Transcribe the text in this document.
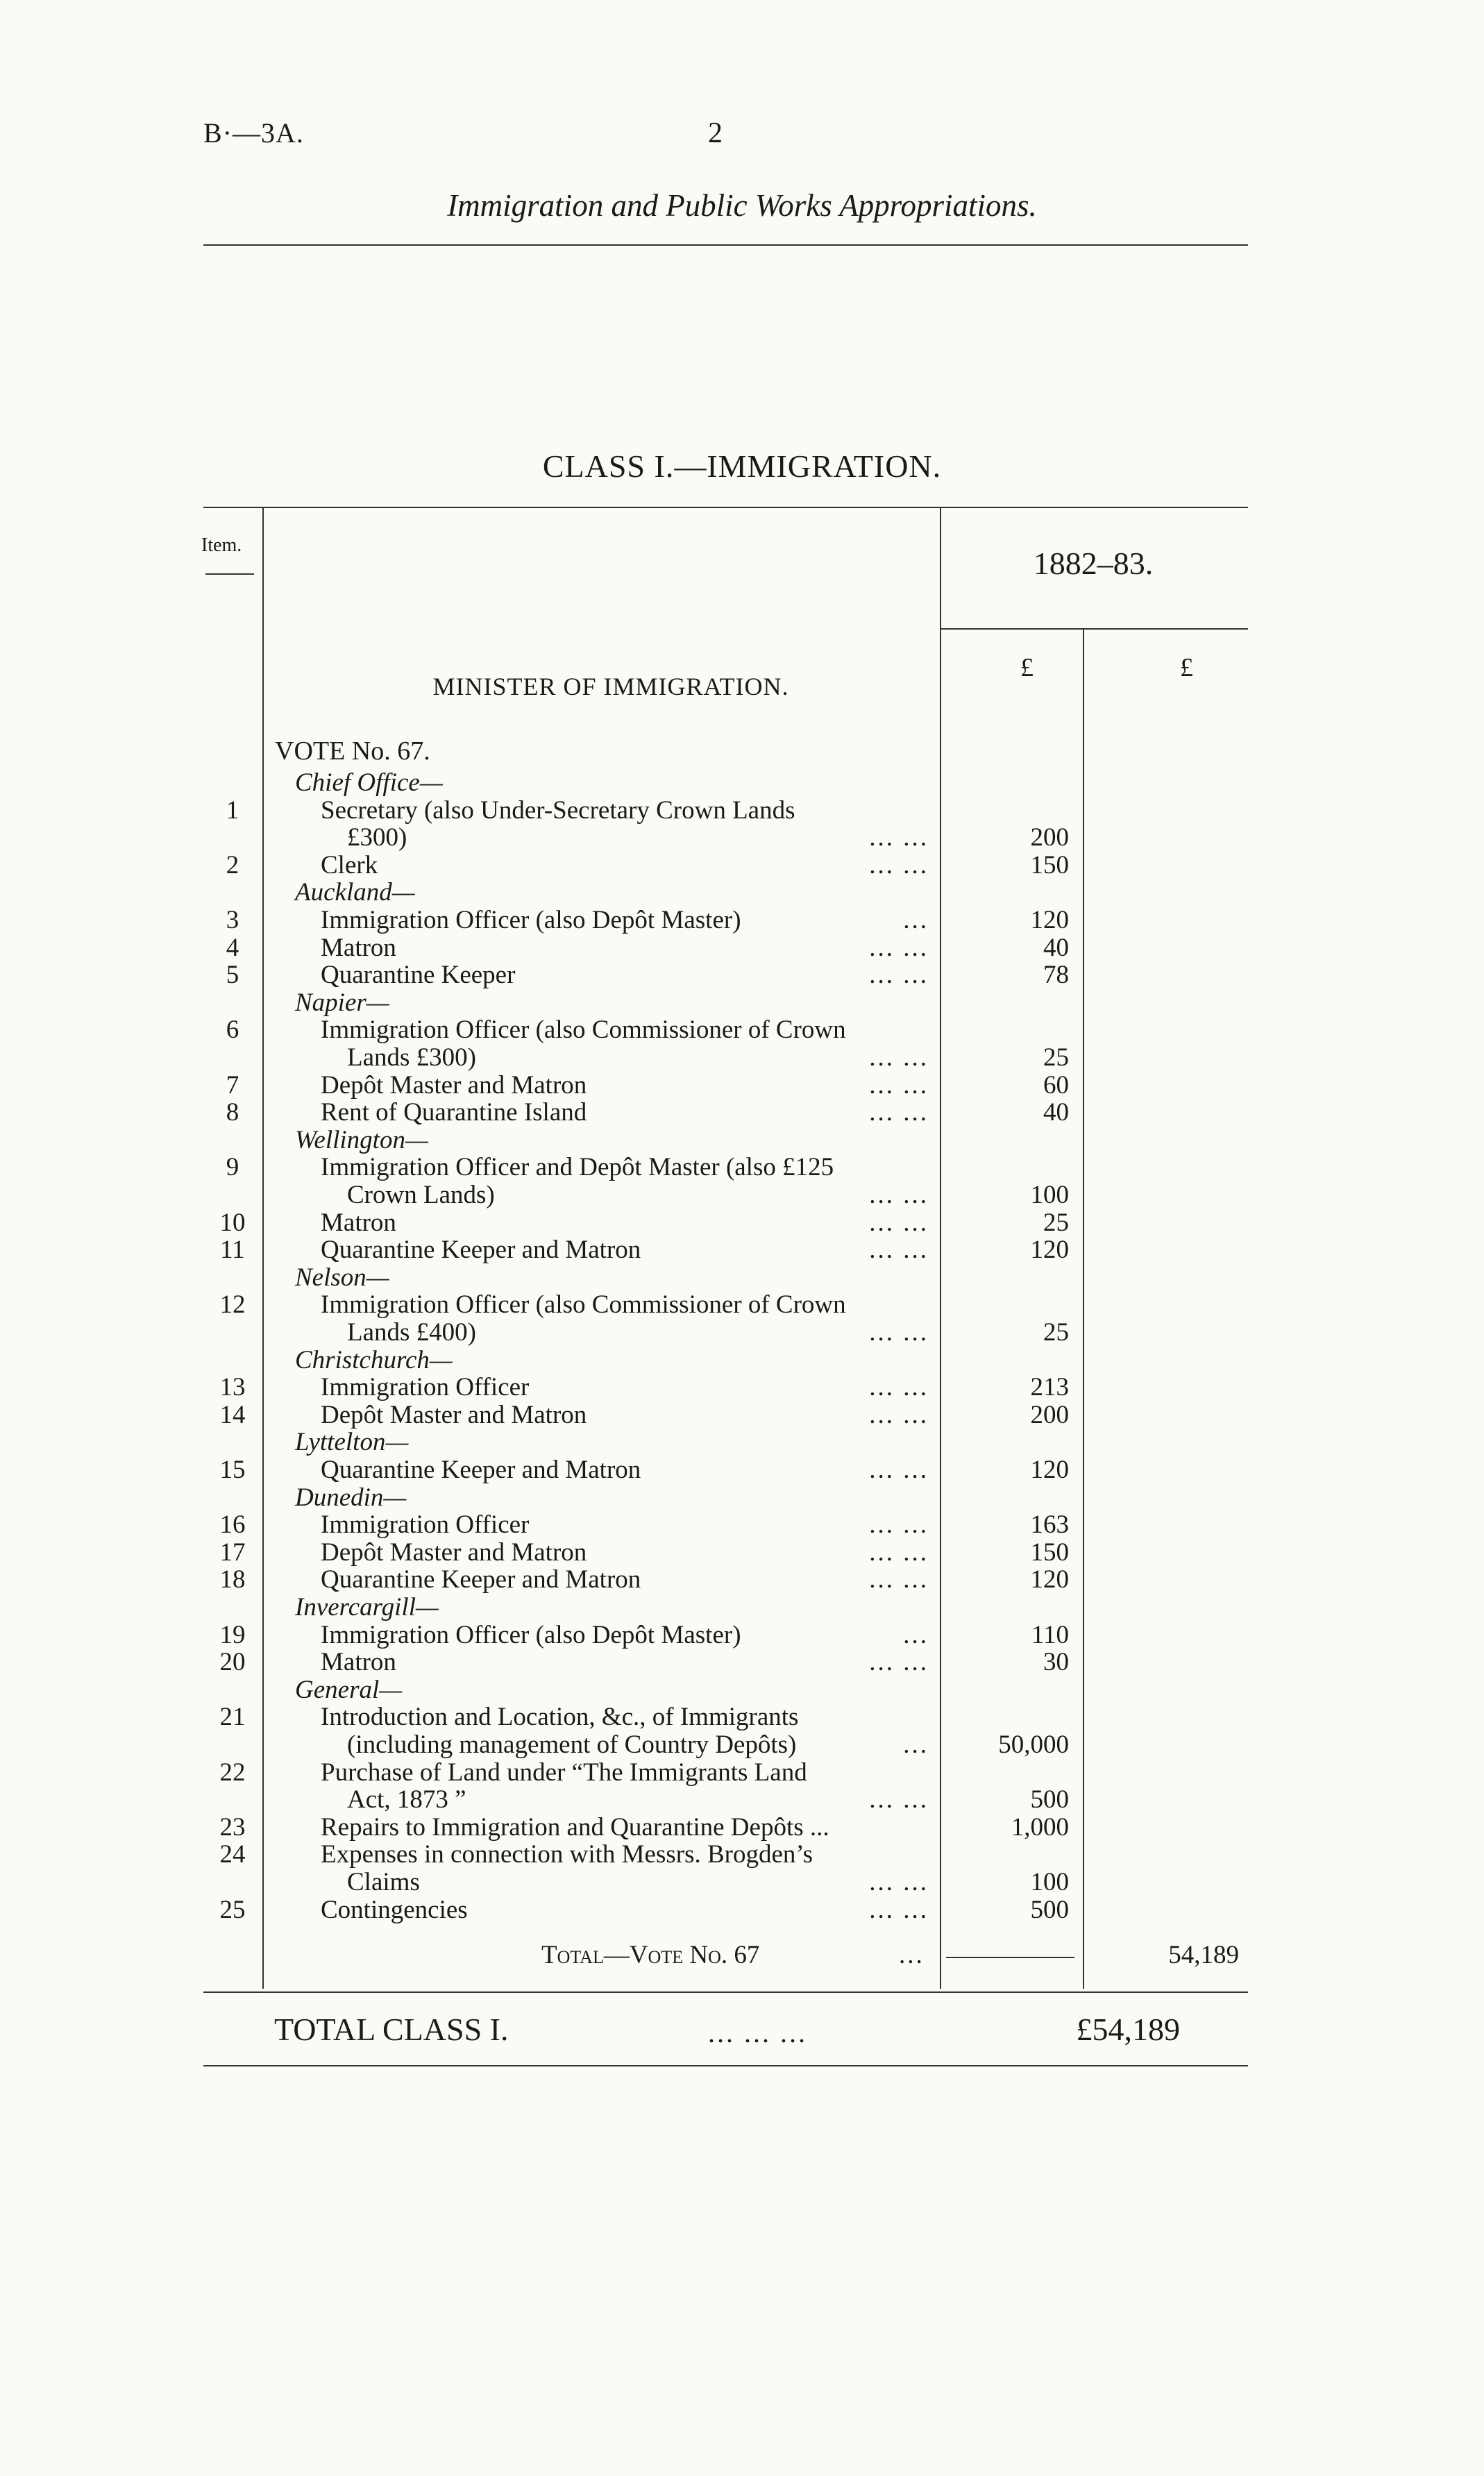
B·—3A.	2
Immigration and Public Works Appropriations.
CLASS I.—IMMIGRATION.
Item.
1882–83.
£	£
MINISTER OF IMMIGRATION.
VOTE No. 67.
Chief Office—
1	Secretary (also Under-Secretary Crown Lands
£300)	... ...	200
2	Clerk	... ...	150
Auckland—
3	Immigration Officer (also Depôt Master)	...	120
4	Matron	... ...	40
5	Quarantine Keeper	... ...	78
Napier—
6	Immigration Officer (also Commissioner of Crown
Lands £300)	... ...	25
7	Depôt Master and Matron	... ...	60
8	Rent of Quarantine Island	... ...	40
Wellington—
9	Immigration Officer and Depôt Master (also £125
Crown Lands)	... ...	100
10	Matron	... ...	25
11	Quarantine Keeper and Matron	... ...	120
Nelson—
12	Immigration Officer (also Commissioner of Crown
Lands £400)	... ...	25
Christchurch—
13	Immigration Officer	... ...	213
14	Depôt Master and Matron	... ...	200
Lyttelton—
15	Quarantine Keeper and Matron	... ...	120
Dunedin—
16	Immigration Officer	... ...	163
17	Depôt Master and Matron	... ...	150
18	Quarantine Keeper and Matron	... ...	120
Invercargill—
19	Immigration Officer (also Depôt Master)	...	110
20	Matron	... ...	30
General—
21	Introduction and Location, &c., of Immigrants
(including management of Country Depôts)	...	50,000
22	Purchase of Land under “The Immigrants Land
Act, 1873 ”	... ...	500
23	Repairs to Immigration and Quarantine Depôts ...	1,000
24	Expenses in connection with Messrs. Brogden’s
Claims	... ...	100
25	Contingencies	... ...	500
Total—Vote No. 67	...	54,189
TOTAL CLASS I.	... ... ...	£54,189
